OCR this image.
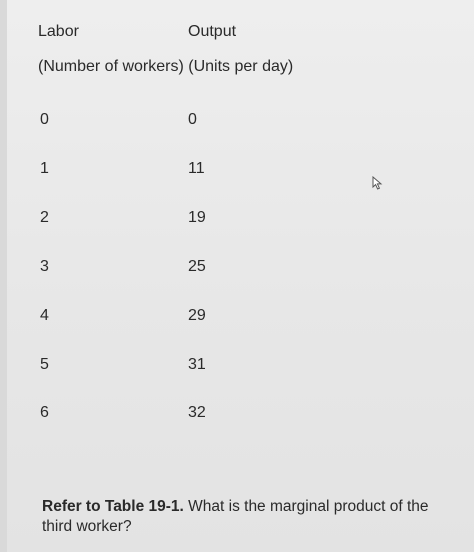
Labor	Output
(Number of workers) (Units per day)
0	0
1	11
2	19
3	25
4	29
5	31
6	32
Refer to Table 19-1. What is the marginal product of the third worker?
